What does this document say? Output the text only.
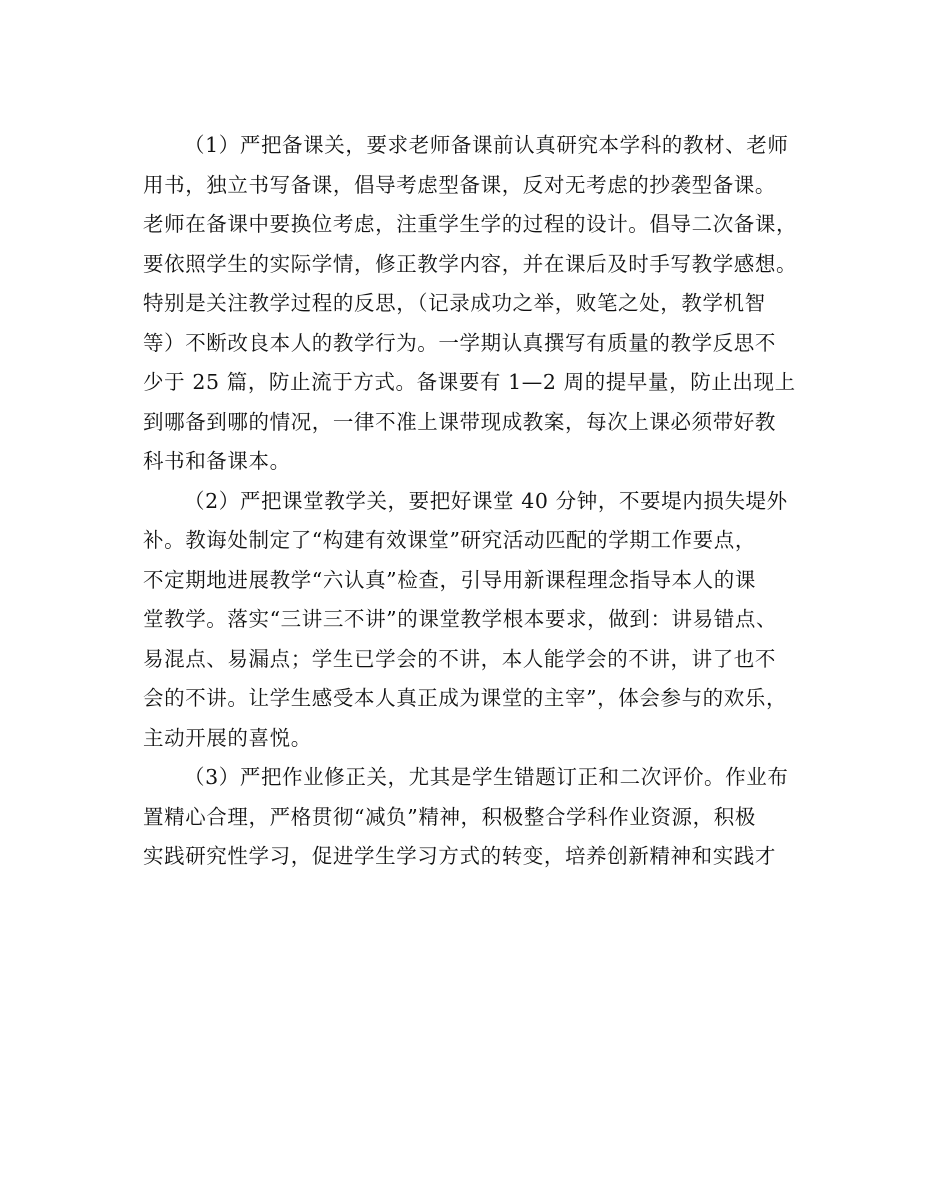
（1）严把备课关，要求老师备课前认真研究本学科的教材、老师
用书，独立书写备课，倡导考虑型备课，反对无考虑的抄袭型备课。
老师在备课中要换位考虑，注重学生学的过程的设计。倡导二次备课，
要依照学生的实际学情，修正教学内容，并在课后及时手写教学感想。
特别是关注教学过程的反思，（记录成功之举，败笔之处，教学机智
等）不断改良本人的教学行为。一学期认真撰写有质量的教学反思不
少于 25 篇，防止流于方式。备课要有 1—2 周的提早量，防止出现上
到哪备到哪的情况，一律不准上课带现成教案，每次上课必须带好教
科书和备课本。
（2）严把课堂教学关，要把好课堂 40 分钟，不要堤内损失堤外
补。教诲处制定了“构建有效课堂”研究活动匹配的学期工作要点，
不定期地进展教学“六认真”检查，引导用新课程理念指导本人的课
堂教学。落实“三讲三不讲”的课堂教学根本要求，做到：讲易错点、
易混点、易漏点；学生已学会的不讲，本人能学会的不讲，讲了也不
会的不讲。让学生感受本人真正成为课堂的主宰”，体会参与的欢乐，
主动开展的喜悦。
（3）严把作业修正关，尤其是学生错题订正和二次评价。作业布
置精心合理，严格贯彻“减负”精神，积极整合学科作业资源，积极
实践研究性学习，促进学生学习方式的转变，培养创新精神和实践才
